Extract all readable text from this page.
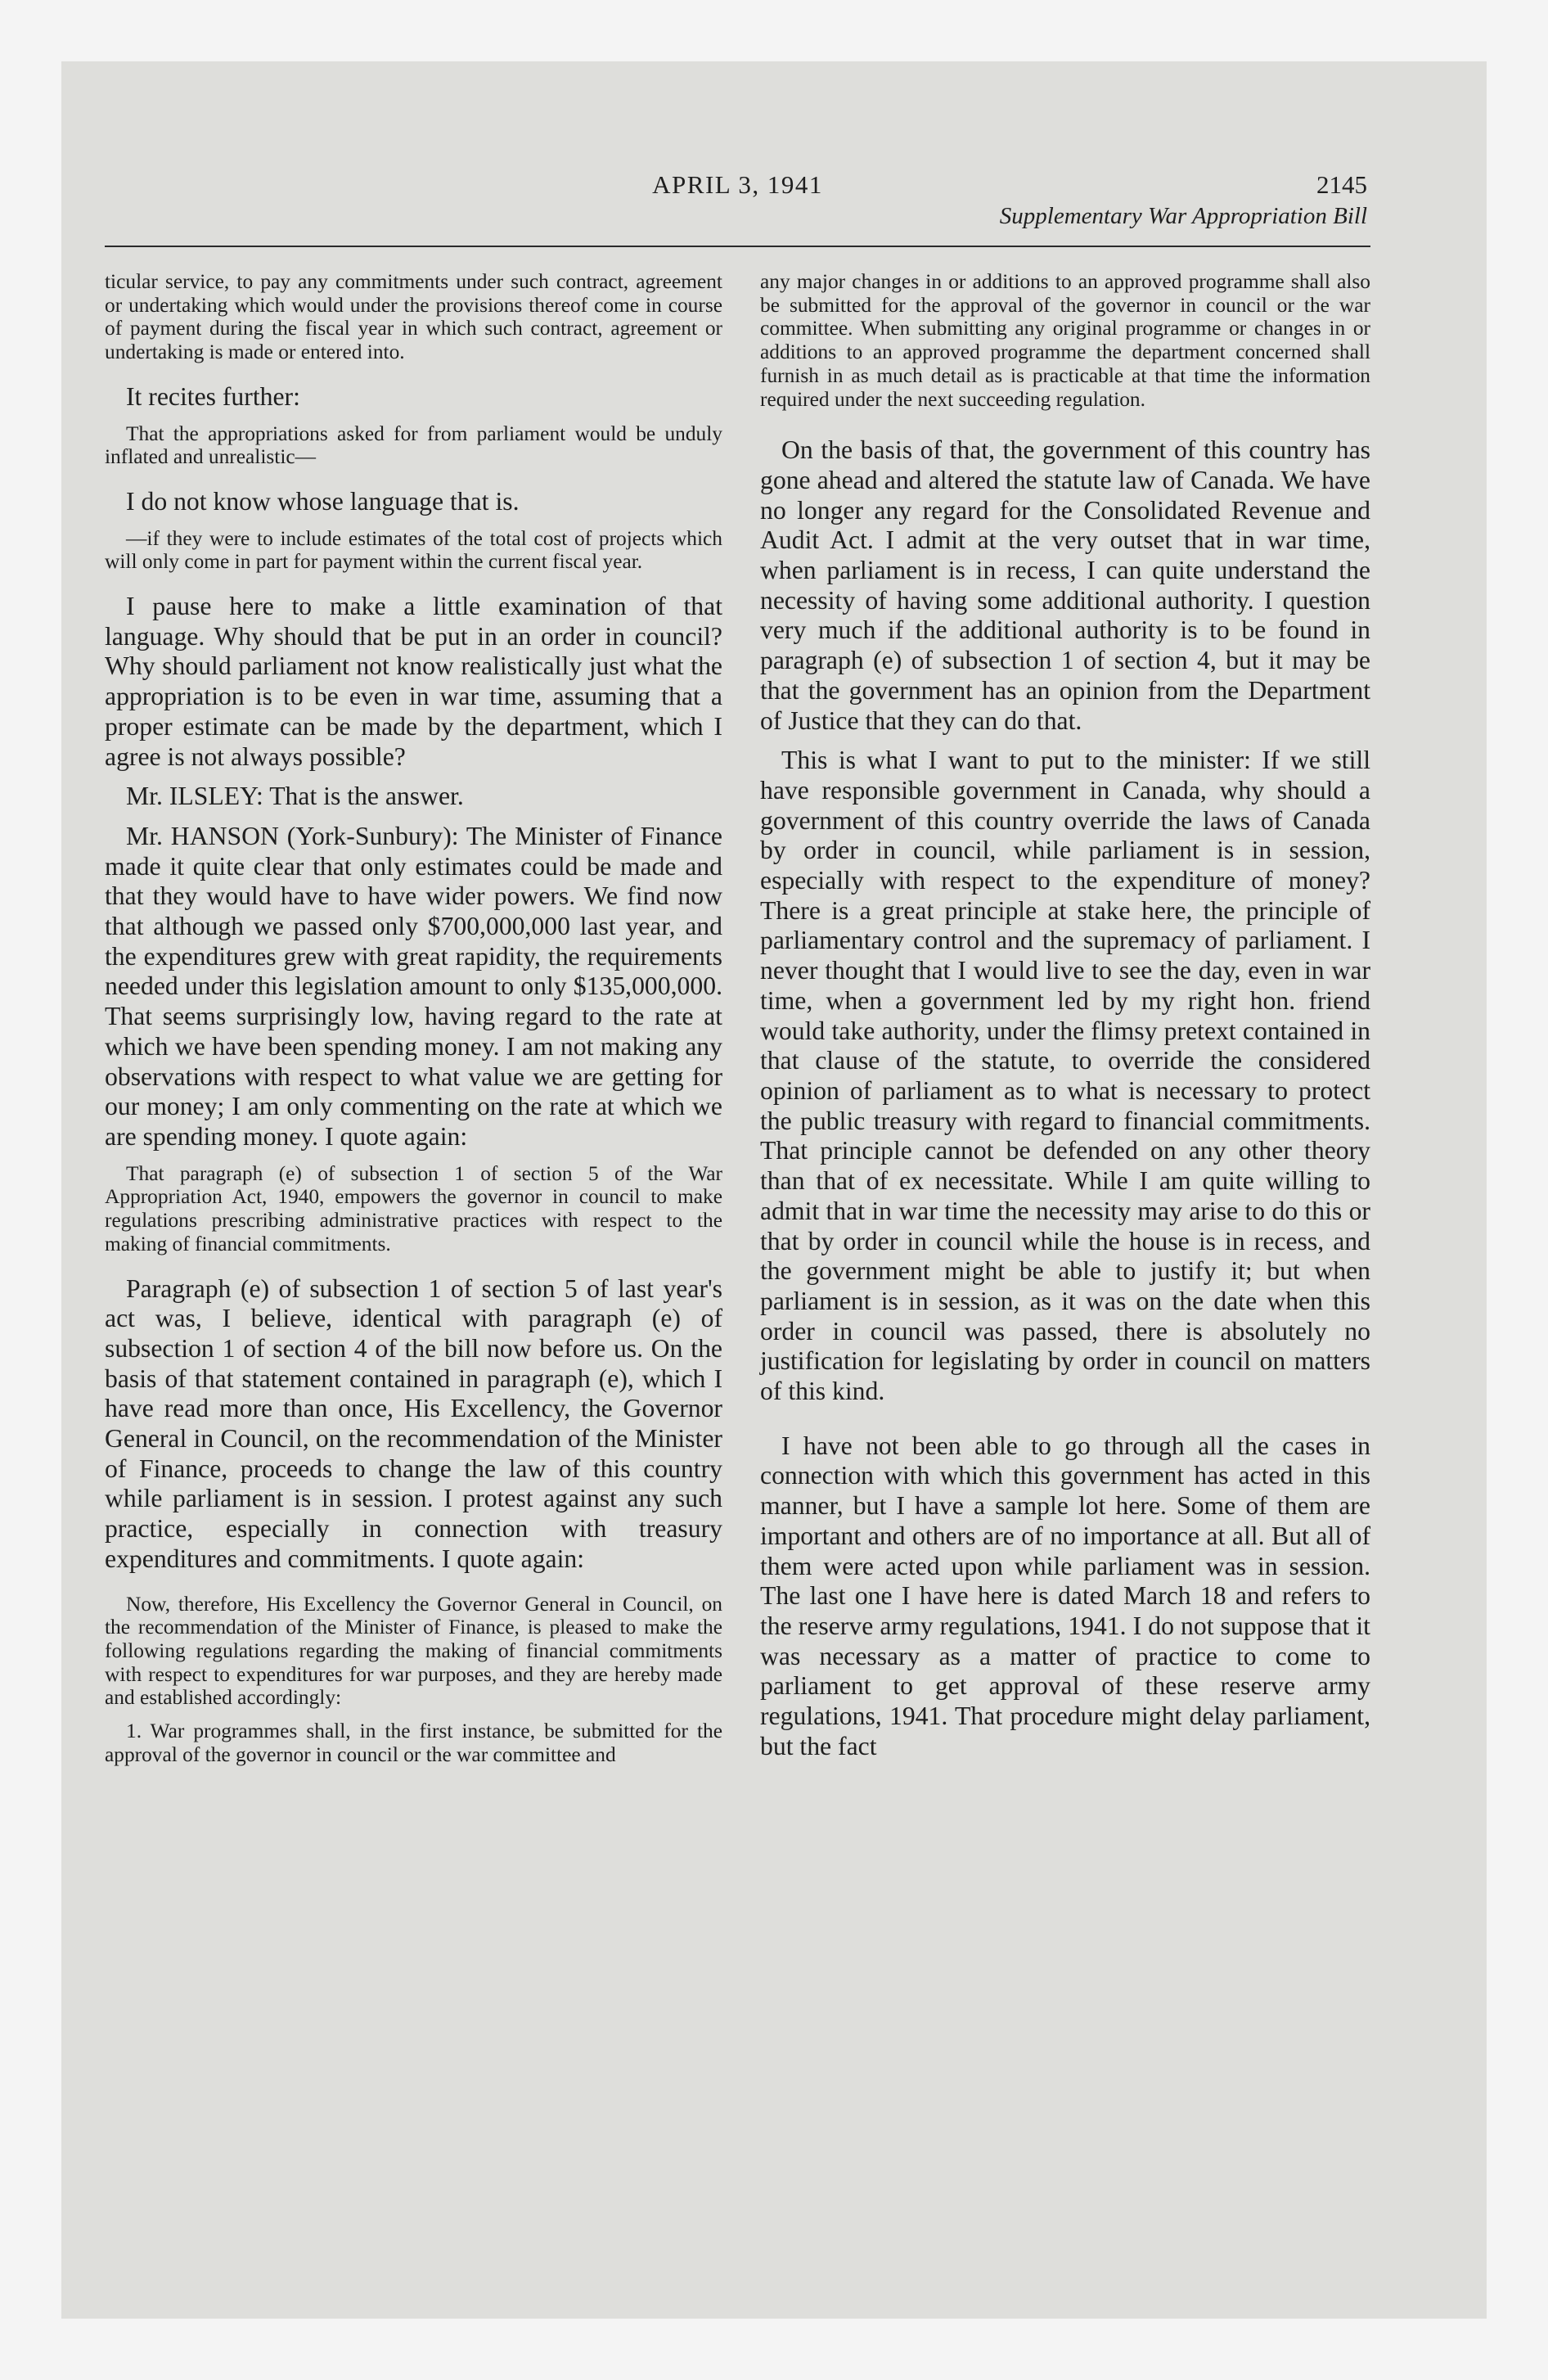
APRIL 3, 1941	2145
Supplementary War Appropriation Bill

ticular service, to pay any commitments under such contract, agreement or undertaking which would under the provisions thereof come in course of payment during the fiscal year in which such contract, agreement or undertaking is made or entered into.

It recites further:

That the appropriations asked for from parliament would be unduly inflated and unrealistic—

I do not know whose language that is.

—if they were to include estimates of the total cost of projects which will only come in part for payment within the current fiscal year.

I pause here to make a little examination of that language. Why should that be put in an order in council? Why should parliament not know realistically just what the appropriation is to be even in war time, assuming that a proper estimate can be made by the department, which I agree is not always possible?

Mr. ILSLEY: That is the answer.

Mr. HANSON (York-Sunbury): The Minister of Finance made it quite clear that only estimates could be made and that they would have to have wider powers. We find now that although we passed only $700,000,000 last year, and the expenditures grew with great rapidity, the requirements needed under this legislation amount to only $135,000,000. That seems surprisingly low, having regard to the rate at which we have been spending money. I am not making any observations with respect to what value we are getting for our money; I am only commenting on the rate at which we are spending money. I quote again:

That paragraph (e) of subsection 1 of section 5 of the War Appropriation Act, 1940, empowers the governor in council to make regulations prescribing administrative practices with respect to the making of financial commitments.

Paragraph (e) of subsection 1 of section 5 of last year's act was, I believe, identical with paragraph (e) of subsection 1 of section 4 of the bill now before us. On the basis of that statement contained in paragraph (e), which I have read more than once, His Excellency, the Governor General in Council, on the recommendation of the Minister of Finance, proceeds to change the law of this country while parliament is in session. I protest against any such practice, especially in connection with treasury expenditures and commitments. I quote again:

Now, therefore, His Excellency the Governor General in Council, on the recommendation of the Minister of Finance, is pleased to make the following regulations regarding the making of financial commitments with respect to expenditures for war purposes, and they are hereby made and established accordingly:

1. War programmes shall, in the first instance, be submitted for the approval of the governor in council or the war committee and

any major changes in or additions to an approved programme shall also be submitted for the approval of the governor in council or the war committee. When submitting any original programme or changes in or additions to an approved programme the department concerned shall furnish in as much detail as is practicable at that time the information required under the next succeeding regulation.

On the basis of that, the government of this country has gone ahead and altered the statute law of Canada. We have no longer any regard for the Consolidated Revenue and Audit Act. I admit at the very outset that in war time, when parliament is in recess, I can quite understand the necessity of having some additional authority. I question very much if the additional authority is to be found in paragraph (e) of subsection 1 of section 4, but it may be that the government has an opinion from the Department of Justice that they can do that.

This is what I want to put to the minister: If we still have responsible government in Canada, why should a government of this country override the laws of Canada by order in council, while parliament is in session, especially with respect to the expenditure of money? There is a great principle at stake here, the principle of parliamentary control and the supremacy of parliament. I never thought that I would live to see the day, even in war time, when a government led by my right hon. friend would take authority, under the flimsy pretext contained in that clause of the statute, to override the considered opinion of parliament as to what is necessary to protect the public treasury with regard to financial commitments. That principle cannot be defended on any other theory than that of ex necessitate. While I am quite willing to admit that in war time the necessity may arise to do this or that by order in council while the house is in recess, and the government might be able to justify it; but when parliament is in session, as it was on the date when this order in council was passed, there is absolutely no justification for legislating by order in council on matters of this kind.

I have not been able to go through all the cases in connection with which this government has acted in this manner, but I have a sample lot here. Some of them are important and others are of no importance at all. But all of them were acted upon while parliament was in session. The last one I have here is dated March 18 and refers to the reserve army regulations, 1941. I do not suppose that it was necessary as a matter of practice to come to parliament to get approval of these reserve army regulations, 1941. That procedure might delay parliament, but the fact
